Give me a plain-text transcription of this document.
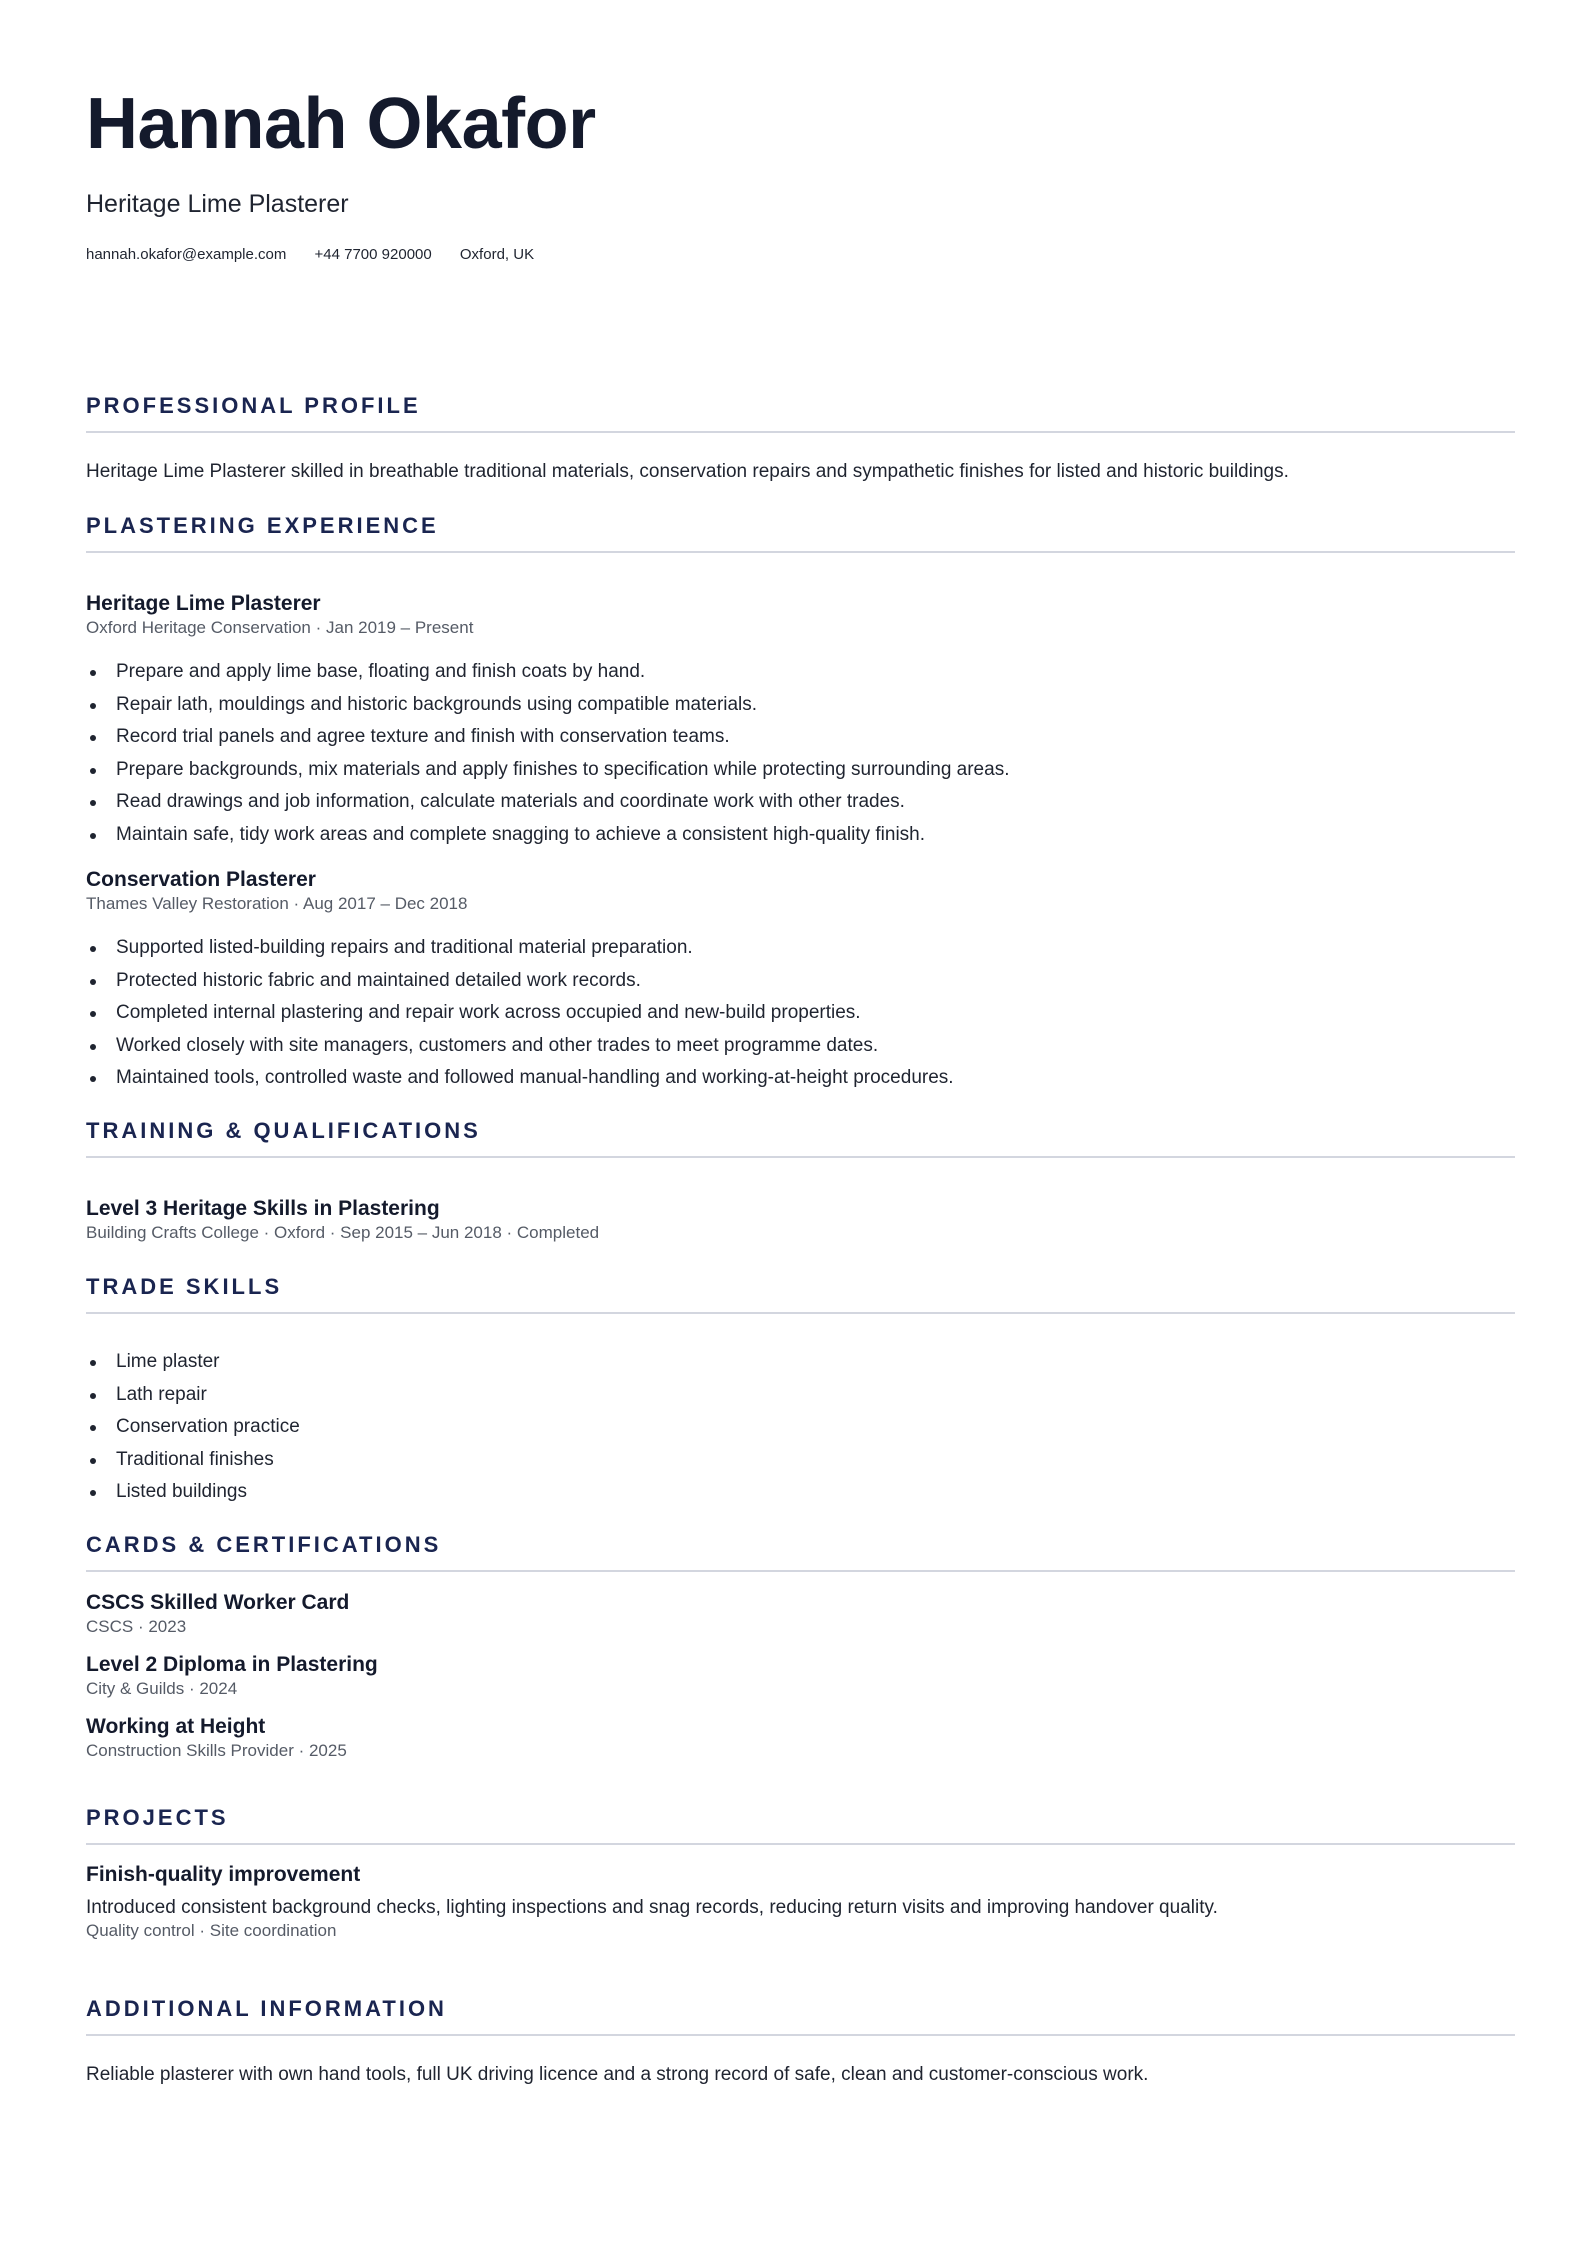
Hannah Okafor

Heritage Lime Plasterer

hannah.okafor@example.com +44 7700 920000 Oxford, UK
PROFESSIONAL PROFILE
Heritage Lime Plasterer skilled in breathable traditional materials, conservation repairs and sympathetic finishes for listed and historic buildings.
PLASTERING EXPERIENCE
Heritage Lime Plasterer
Oxford Heritage Conservation · Jan 2019 – Present
Prepare and apply lime base, floating and finish coats by hand.
Repair lath, mouldings and historic backgrounds using compatible materials.
Record trial panels and agree texture and finish with conservation teams.
Prepare backgrounds, mix materials and apply finishes to specification while protecting surrounding areas.
Read drawings and job information, calculate materials and coordinate work with other trades.
Maintain safe, tidy work areas and complete snagging to achieve a consistent high-quality finish.
Conservation Plasterer
Thames Valley Restoration · Aug 2017 – Dec 2018
Supported listed-building repairs and traditional material preparation.
Protected historic fabric and maintained detailed work records.
Completed internal plastering and repair work across occupied and new-build properties.
Worked closely with site managers, customers and other trades to meet programme dates.
Maintained tools, controlled waste and followed manual-handling and working-at-height procedures.
TRAINING & QUALIFICATIONS
Level 3 Heritage Skills in Plastering
Building Crafts College · Oxford · Sep 2015 – Jun 2018 · Completed
TRADE SKILLS
Lime plaster
Lath repair
Conservation practice
Traditional finishes
Listed buildings
CARDS & CERTIFICATIONS
CSCS Skilled Worker Card
CSCS · 2023
Level 2 Diploma in Plastering
City & Guilds · 2024
Working at Height
Construction Skills Provider · 2025
PROJECTS
Finish-quality improvement
Introduced consistent background checks, lighting inspections and snag records, reducing return visits and improving handover quality.
Quality control · Site coordination
ADDITIONAL INFORMATION
Reliable plasterer with own hand tools, full UK driving licence and a strong record of safe, clean and customer-conscious work.
